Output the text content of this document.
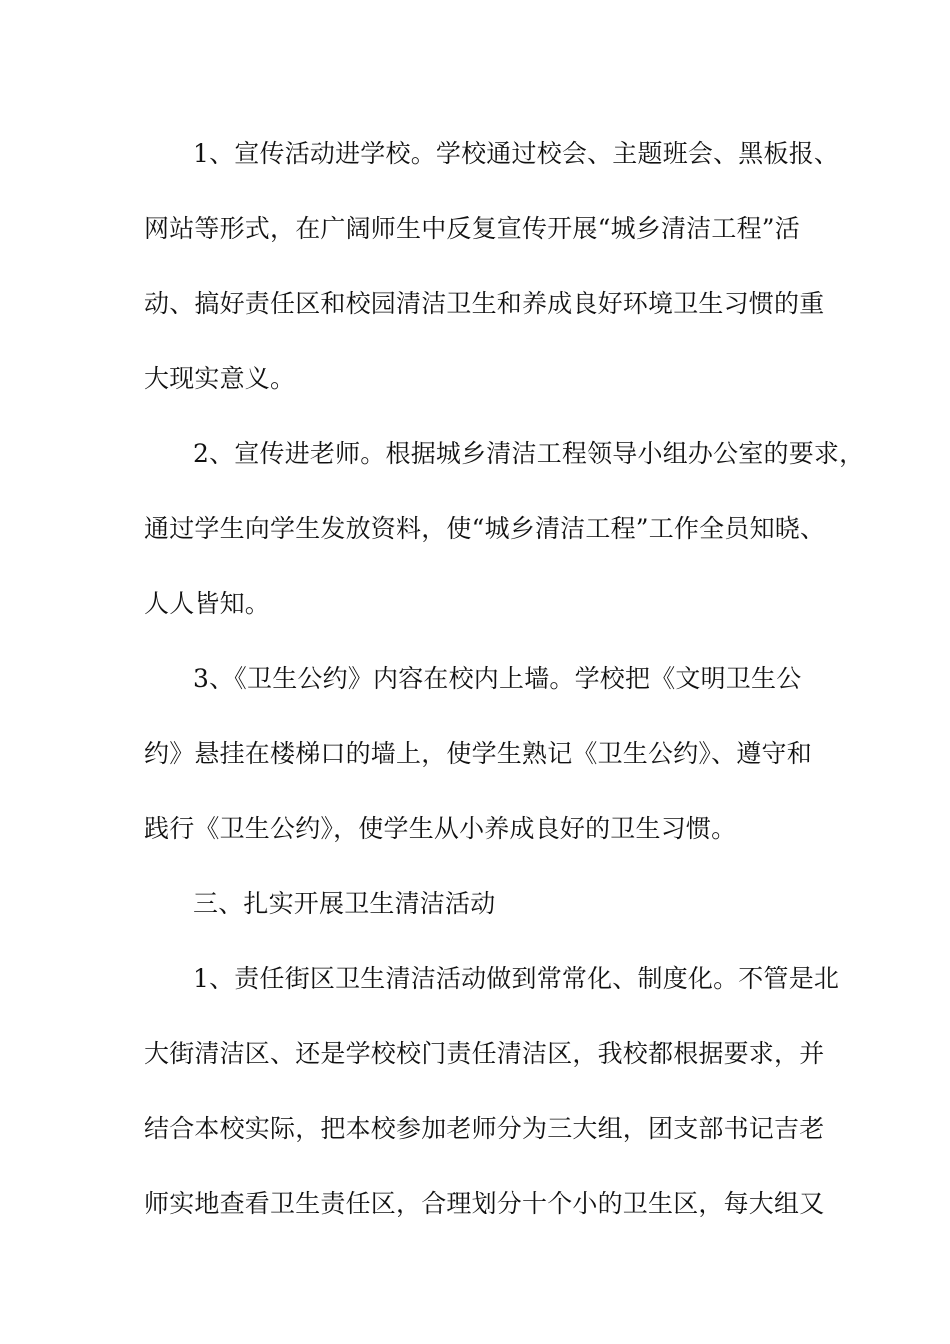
1、宣传活动进学校。学校通过校会、主题班会、黑板报、

网站等形式，在广阔师生中反复宣传开展“城乡清洁工程”活

动、搞好责任区和校园清洁卫生和养成良好环境卫生习惯的重

大现实意义。

2、宣传进老师。根据城乡清洁工程领导小组办公室的要求，

通过学生向学生发放资料，使“城乡清洁工程”工作全员知晓、

人人皆知。

3、《卫生公约》内容在校内上墙。学校把《文明卫生公

约》悬挂在楼梯口的墙上，使学生熟记《卫生公约》、遵守和

践行《卫生公约》，使学生从小养成良好的卫生习惯。

三、扎实开展卫生清洁活动

1、责任街区卫生清洁活动做到常常化、制度化。不管是北

大街清洁区、还是学校校门责任清洁区，我校都根据要求，并

结合本校实际，把本校参加老师分为三大组，团支部书记吉老

师实地查看卫生责任区，合理划分十个小的卫生区，每大组又
